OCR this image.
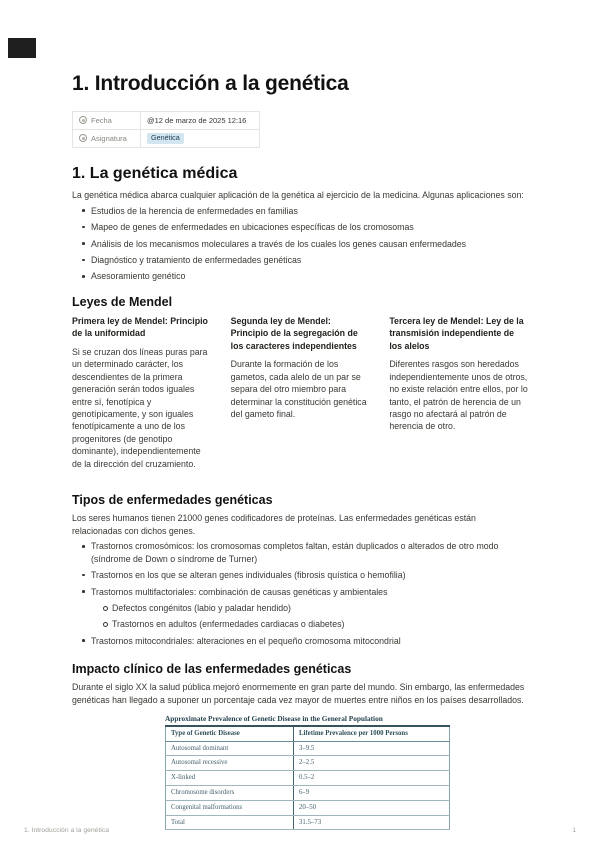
1. Introducción a la genética
Fecha	@12 de marzo de 2025 12:16
Asignatura	Genética
1. La genética médica

La genética médica abarca cualquier aplicación de la genética al ejercicio de la medicina. Algunas aplicaciones son:

Estudios de la herencia de enfermedades en familias
Mapeo de genes de enfermedades en ubicaciones específicas de los cromosomas
Análisis de los mecanismos moleculares a través de los cuales los genes causan enfermedades
Diagnóstico y tratamiento de enfermedades genéticas
Asesoramiento genético
Leyes de Mendel

Primera ley de Mendel: Principio de la uniformidad

Si se cruzan dos líneas puras para un determinado carácter, los descendientes de la primera generación serán todos iguales entre sí, fenotípica y genotípicamente, y son iguales fenotípicamente a uno de los progenitores (de genotipo dominante), independientemente de la dirección del cruzamiento.

Segunda ley de Mendel: Principio de la segregación de los caracteres independientes

Durante la formación de los gametos, cada alelo de un par se separa del otro miembro para determinar la constitución genética del gameto final.

Tercera ley de Mendel: Ley de la transmisión independiente de los alelos

Diferentes rasgos son heredados independientemente unos de otros, no existe relación entre ellos, por lo tanto, el patrón de herencia de un rasgo no afectará al patrón de herencia de otro.

Tipos de enfermedades genéticas

Los seres humanos tienen 21000 genes codificadores de proteínas. Las enfermedades genéticas están relacionadas con dichos genes.

Trastornos cromosómicos: los cromosomas completos faltan, están duplicados o alterados de otro modo (síndrome de Down o síndrome de Turner)
Trastornos en los que se alteran genes individuales (fibrosis quística o hemofilia)
Trastornos multifactoriales: combinación de causas genéticas y ambientales
Defectos congénitos (labio y paladar hendido)
Trastornos en adultos (enfermedades cardiacas o diabetes)
Trastornos mitocondriales: alteraciones en el pequeño cromosoma mitocondrial
Impacto clínico de las enfermedades genéticas

Durante el siglo XX la salud pública mejoró enormemente en gran parte del mundo. Sin embargo, las enfermedades genéticas han llegado a suponer un porcentaje cada vez mayor de muertes entre niños en los países desarrollados.

Approximate Prevalence of Genetic Disease in the General Population

Type of Genetic Disease	Lifetime Prevalence per 1000 Persons
Autosomal dominant	3–9.5
Autosomal recessive	2–2.5
X-linked	0.5–2
Chromosome disorders	6–9
Congenital malformations	20–50
Total	31.5–73
1. Introducción a la genética	1
